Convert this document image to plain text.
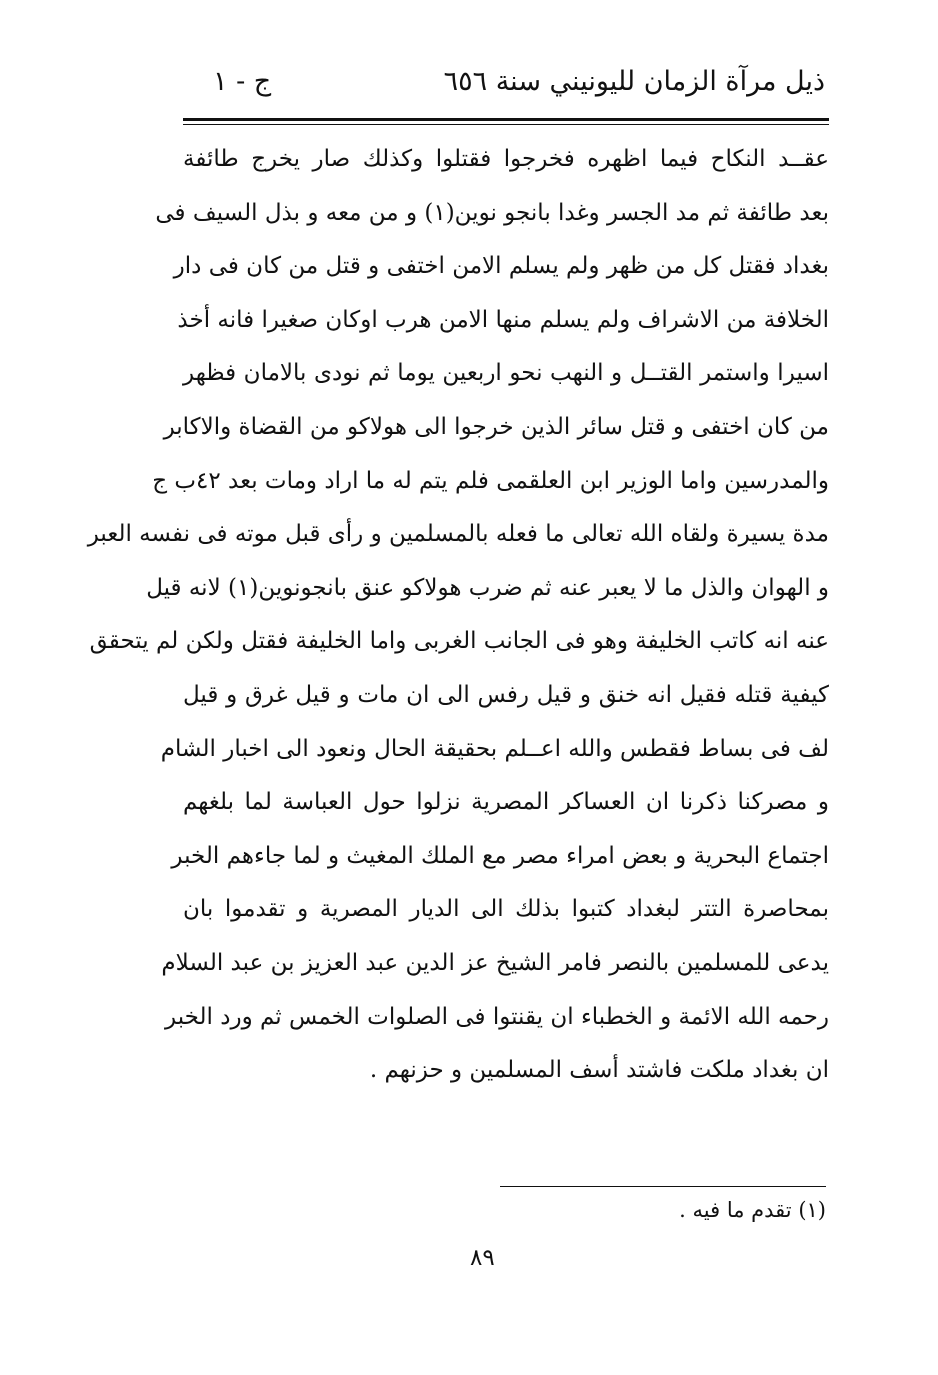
ذيل مرآة الزمان لليونيني سنة ٦٥٦
ج - ١
عقــد النكاح فيما اظهره فخرجوا فقتلوا وكذلك صار يخرج طائفة
بعد طائفة ثم مد الجسر وغدا بانجو نوين(١) و من معه و بذل السيف فى
بغداد فقتل كل من ظهر ولم يسلم الامن اختفى و قتل من كان فى دار
الخلافة من الاشراف ولم يسلم منها الامن هرب اوكان صغيرا فانه أخذ
اسيرا واستمر القتــل و النهب نحو اربعين يوما ثم نودى بالامان فظهر
من كان اختفى و قتل سائر الذين خرجوا الى هولاكو من القضاة والاكابر
والمدرسين واما الوزير ابن العلقمى فلم يتم له ما اراد ومات بعد ٤٢ب ج
مدة يسيرة ولقاه الله تعالى ما فعله بالمسلمين و رأى قبل موته فى نفسه العبر
و الهوان والذل ما لا يعبر عنه ثم ضرب هولاكو عنق بانجونوين(١) لانه قيل
عنه انه كاتب الخليفة وهو فى الجانب الغربى واما الخليفة فقتل ولكن لم يتحقق
كيفية قتله فقيل انه خنق و قيل رفس الى ان مات و قيل غرق و قيل
لف فى بساط فقطس والله اعــلم بحقيقة الحال ونعود الى اخبار الشام
و مصركنا ذكرنا ان العساكر المصرية نزلوا حول العباسة لما بلغهم
اجتماع البحرية و بعض امراء مصر مع الملك المغيث و لما جاءهم الخبر
بمحاصرة التتر لبغداد كتبوا بذلك الى الديار المصرية و تقدموا بان
يدعى للمسلمين بالنصر فامر الشيخ عز الدين عبد العزيز بن عبد السلام
رحمه الله الائمة و الخطباء ان يقنتوا فى الصلوات الخمس ثم ورد الخبر
ان بغداد ملكت فاشتد أسف المسلمين و حزنهم .
(١) تقدم ما فيه .
٨٩
